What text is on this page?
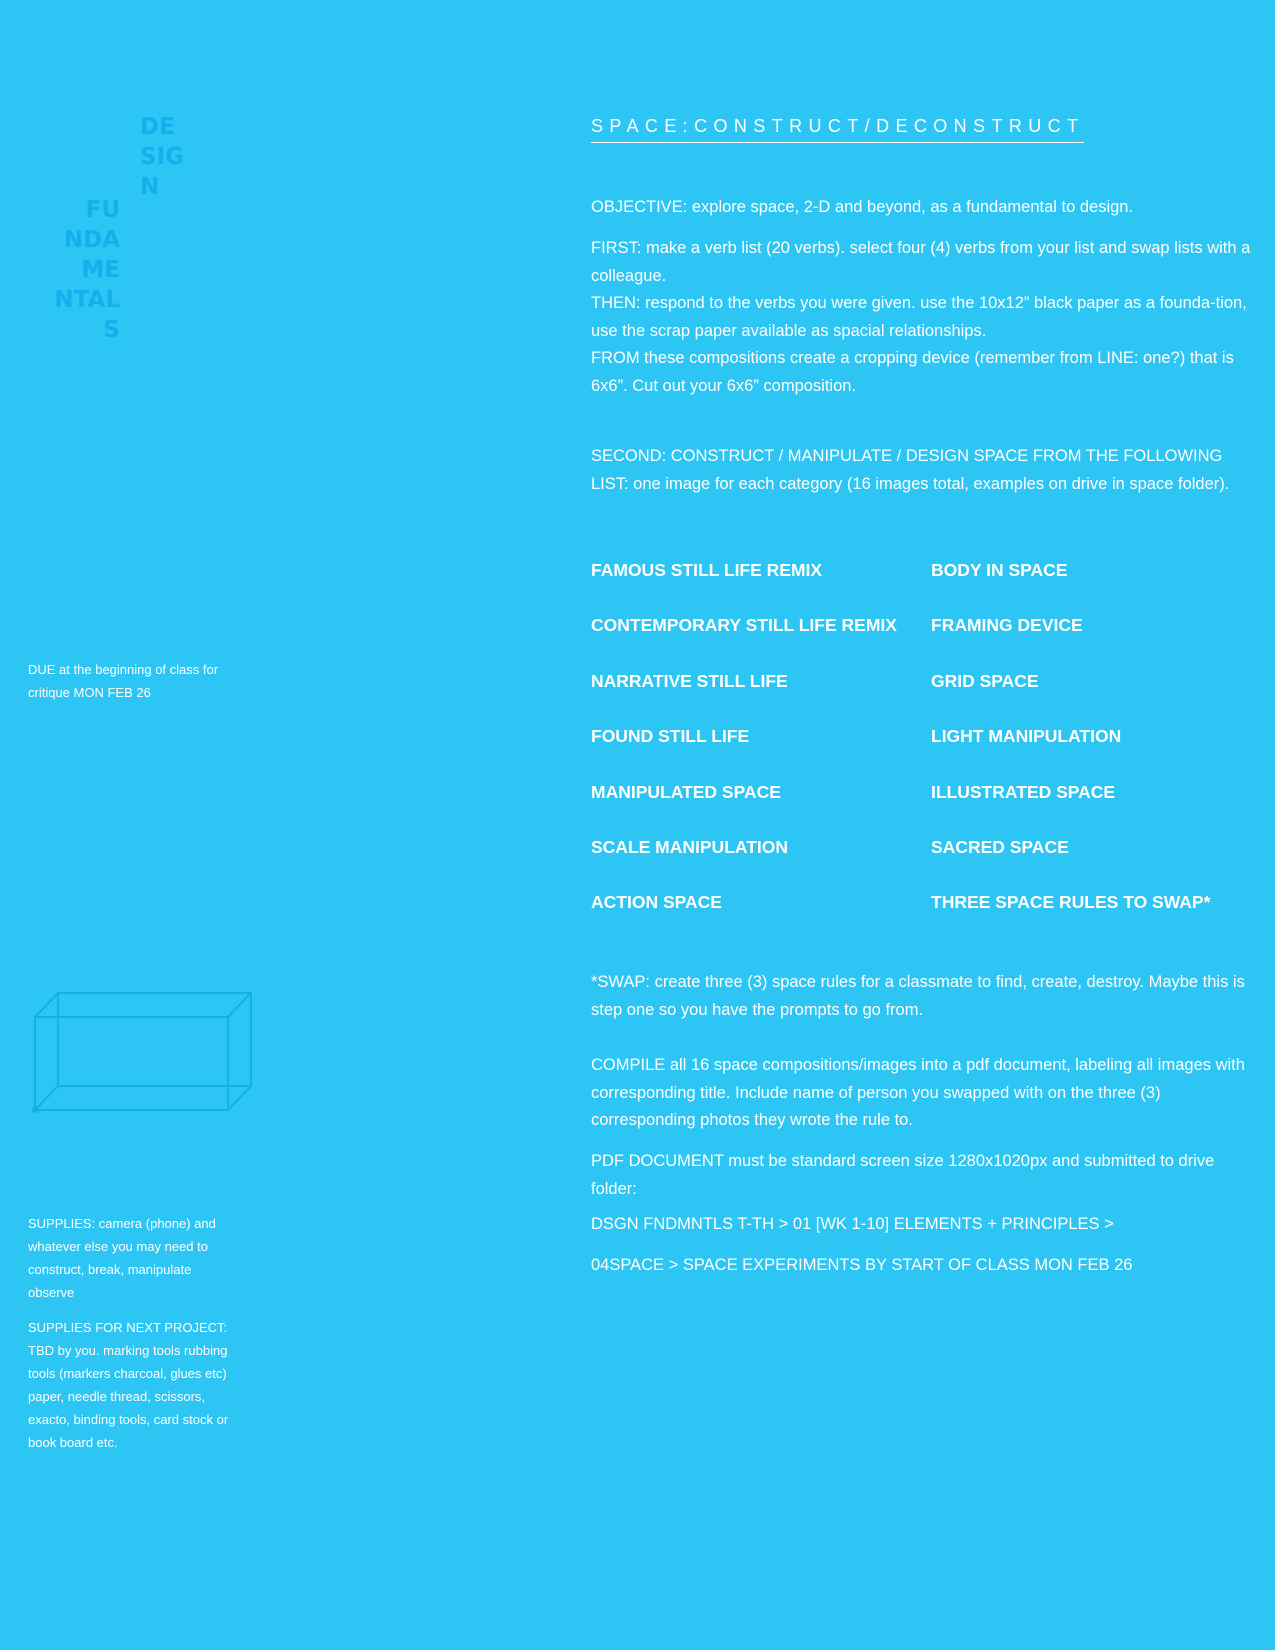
DE
SIG
N
FU
NDA
ME
NTAL
S
SPACE:CONSTRUCT/DECONSTRUCT

OBJECTIVE: explore space, 2-D and beyond, as a fundamental to design.

FIRST: make a verb list (20 verbs). select four (4) verbs from your list and swap lists with a colleague.

THEN: respond to the verbs you were given. use the 10x12” black paper as a founda-tion, use the scrap paper available as spacial relationships.

FROM these compositions create a cropping device (remember from LINE: one?) that is 6x6”. Cut out your 6x6” composition.

SECOND: CONSTRUCT / MANIPULATE / DESIGN SPACE FROM THE FOLLOWING LIST: one image for each category (16 images total, examples on drive in space folder).

FAMOUS STILL LIFE REMIX
CONTEMPORARY STILL LIFE REMIX
NARRATIVE STILL LIFE
FOUND STILL LIFE
MANIPULATED SPACE
SCALE MANIPULATION
ACTION SPACE
BODY IN SPACE
FRAMING DEVICE
GRID SPACE
LIGHT MANIPULATION
ILLUSTRATED SPACE
SACRED SPACE
THREE SPACE RULES TO SWAP*

*SWAP: create three (3) space rules for a classmate to find, create, destroy. Maybe this is step one so you have the prompts to go from.

COMPILE all 16 space compositions/images into a pdf document, labeling all images with corresponding title. Include name of person you swapped with on the three (3) corresponding photos they wrote the rule to.

PDF DOCUMENT must be standard screen size 1280x1020px and submitted to drive folder:

DSGN FNDMNTLS T-TH > 01 [WK 1-10] ELEMENTS + PRINCIPLES >

04SPACE > SPACE EXPERIMENTS BY START OF CLASS MON FEB 26

DUE at the beginning of class for critique MON FEB 26
SUPPLIES: camera (phone) and whatever else you may need to construct, break, manipulate observe
SUPPLIES FOR NEXT PROJECT: TBD by you. marking tools rubbing tools (markers charcoal, glues etc) paper, needle thread, scissors, exacto, binding tools, card stock or book board etc.
